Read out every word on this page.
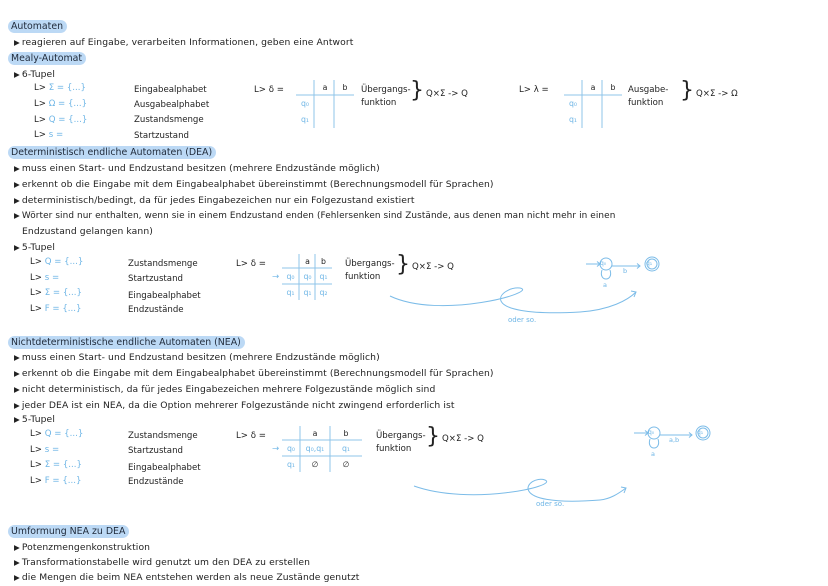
Automaten
▶ reagieren auf Eingabe, verarbeiten Informationen, geben eine Antwort
Mealy-Automat
▶ 6-Tupel
L> Σ = {...}	Eingabealphabet
L> Ω = {...}	Ausgabealphabet
L> Q = {...}	Zustandsmenge
L> s =	Startzustand
L> δ =	a	b
q₀
q₁
Übergangs-
funktion } Q×Σ -> Q	L> λ =	a	b
q₀
q₁
Ausgabe-
funktion } Q×Σ -> Ω
Deterministisch endliche Automaten (DEA)
▶ muss einen Start- und Endzustand besitzen (mehrere Endzustände möglich)
▶ erkennt ob die Eingabe mit dem Eingabealphabet übereinstimmt (Berechnungsmodell für Sprachen)
▶ deterministisch/bedingt, da für jedes Eingabezeichen nur ein Folgezustand existiert
▶ Wörter sind nur enthalten, wenn sie in einem Endzustand enden (Fehlersenken sind Zustände, aus denen man nicht mehr in einen
Endzustand gelangen kann)
▶ 5-Tupel
L> Q = {...}	Zustandsmenge
L> s =	Startzustand
L> Σ = {...}	Eingabealphabet
L> F = {...}	Endzustände
L> δ =	a	b
→ q₀	q₀	q₁
q₁	q₁	q₂
Übergangs-
funktion } Q×Σ -> Q	q₀	q₁
b
a
oder so.
Nichtdeterministische endliche Automaten (NEA)
▶ muss einen Start- und Endzustand besitzen (mehrere Endzustände möglich)
▶ erkennt ob die Eingabe mit dem Eingabealphabet übereinstimmt (Berechnungsmodell für Sprachen)
▶ nicht deterministisch, da für jedes Eingabezeichen mehrere Folgezustände möglich sind
▶ jeder DEA ist ein NEA, da die Option mehrerer Folgezustände nicht zwingend erforderlich ist
▶ 5-Tupel
L> Q = {...}	Zustandsmenge
L> s =	Startzustand
L> Σ = {...}	Eingabealphabet
L> F = {...}	Endzustände
L> δ =	a	b
→ q₀	q₀,q₁	q₁
q₁	∅	∅
Übergangs-
funktion } Q×Σ -> Q
q₀	q₁
a,b
a
oder so.
Umformung NEA zu DEA
▶ Potenzmengenkonstruktion
▶ Transformationstabelle wird genutzt um den DEA zu erstellen
▶ die Mengen die beim NEA entstehen werden als neue Zustände genutzt
